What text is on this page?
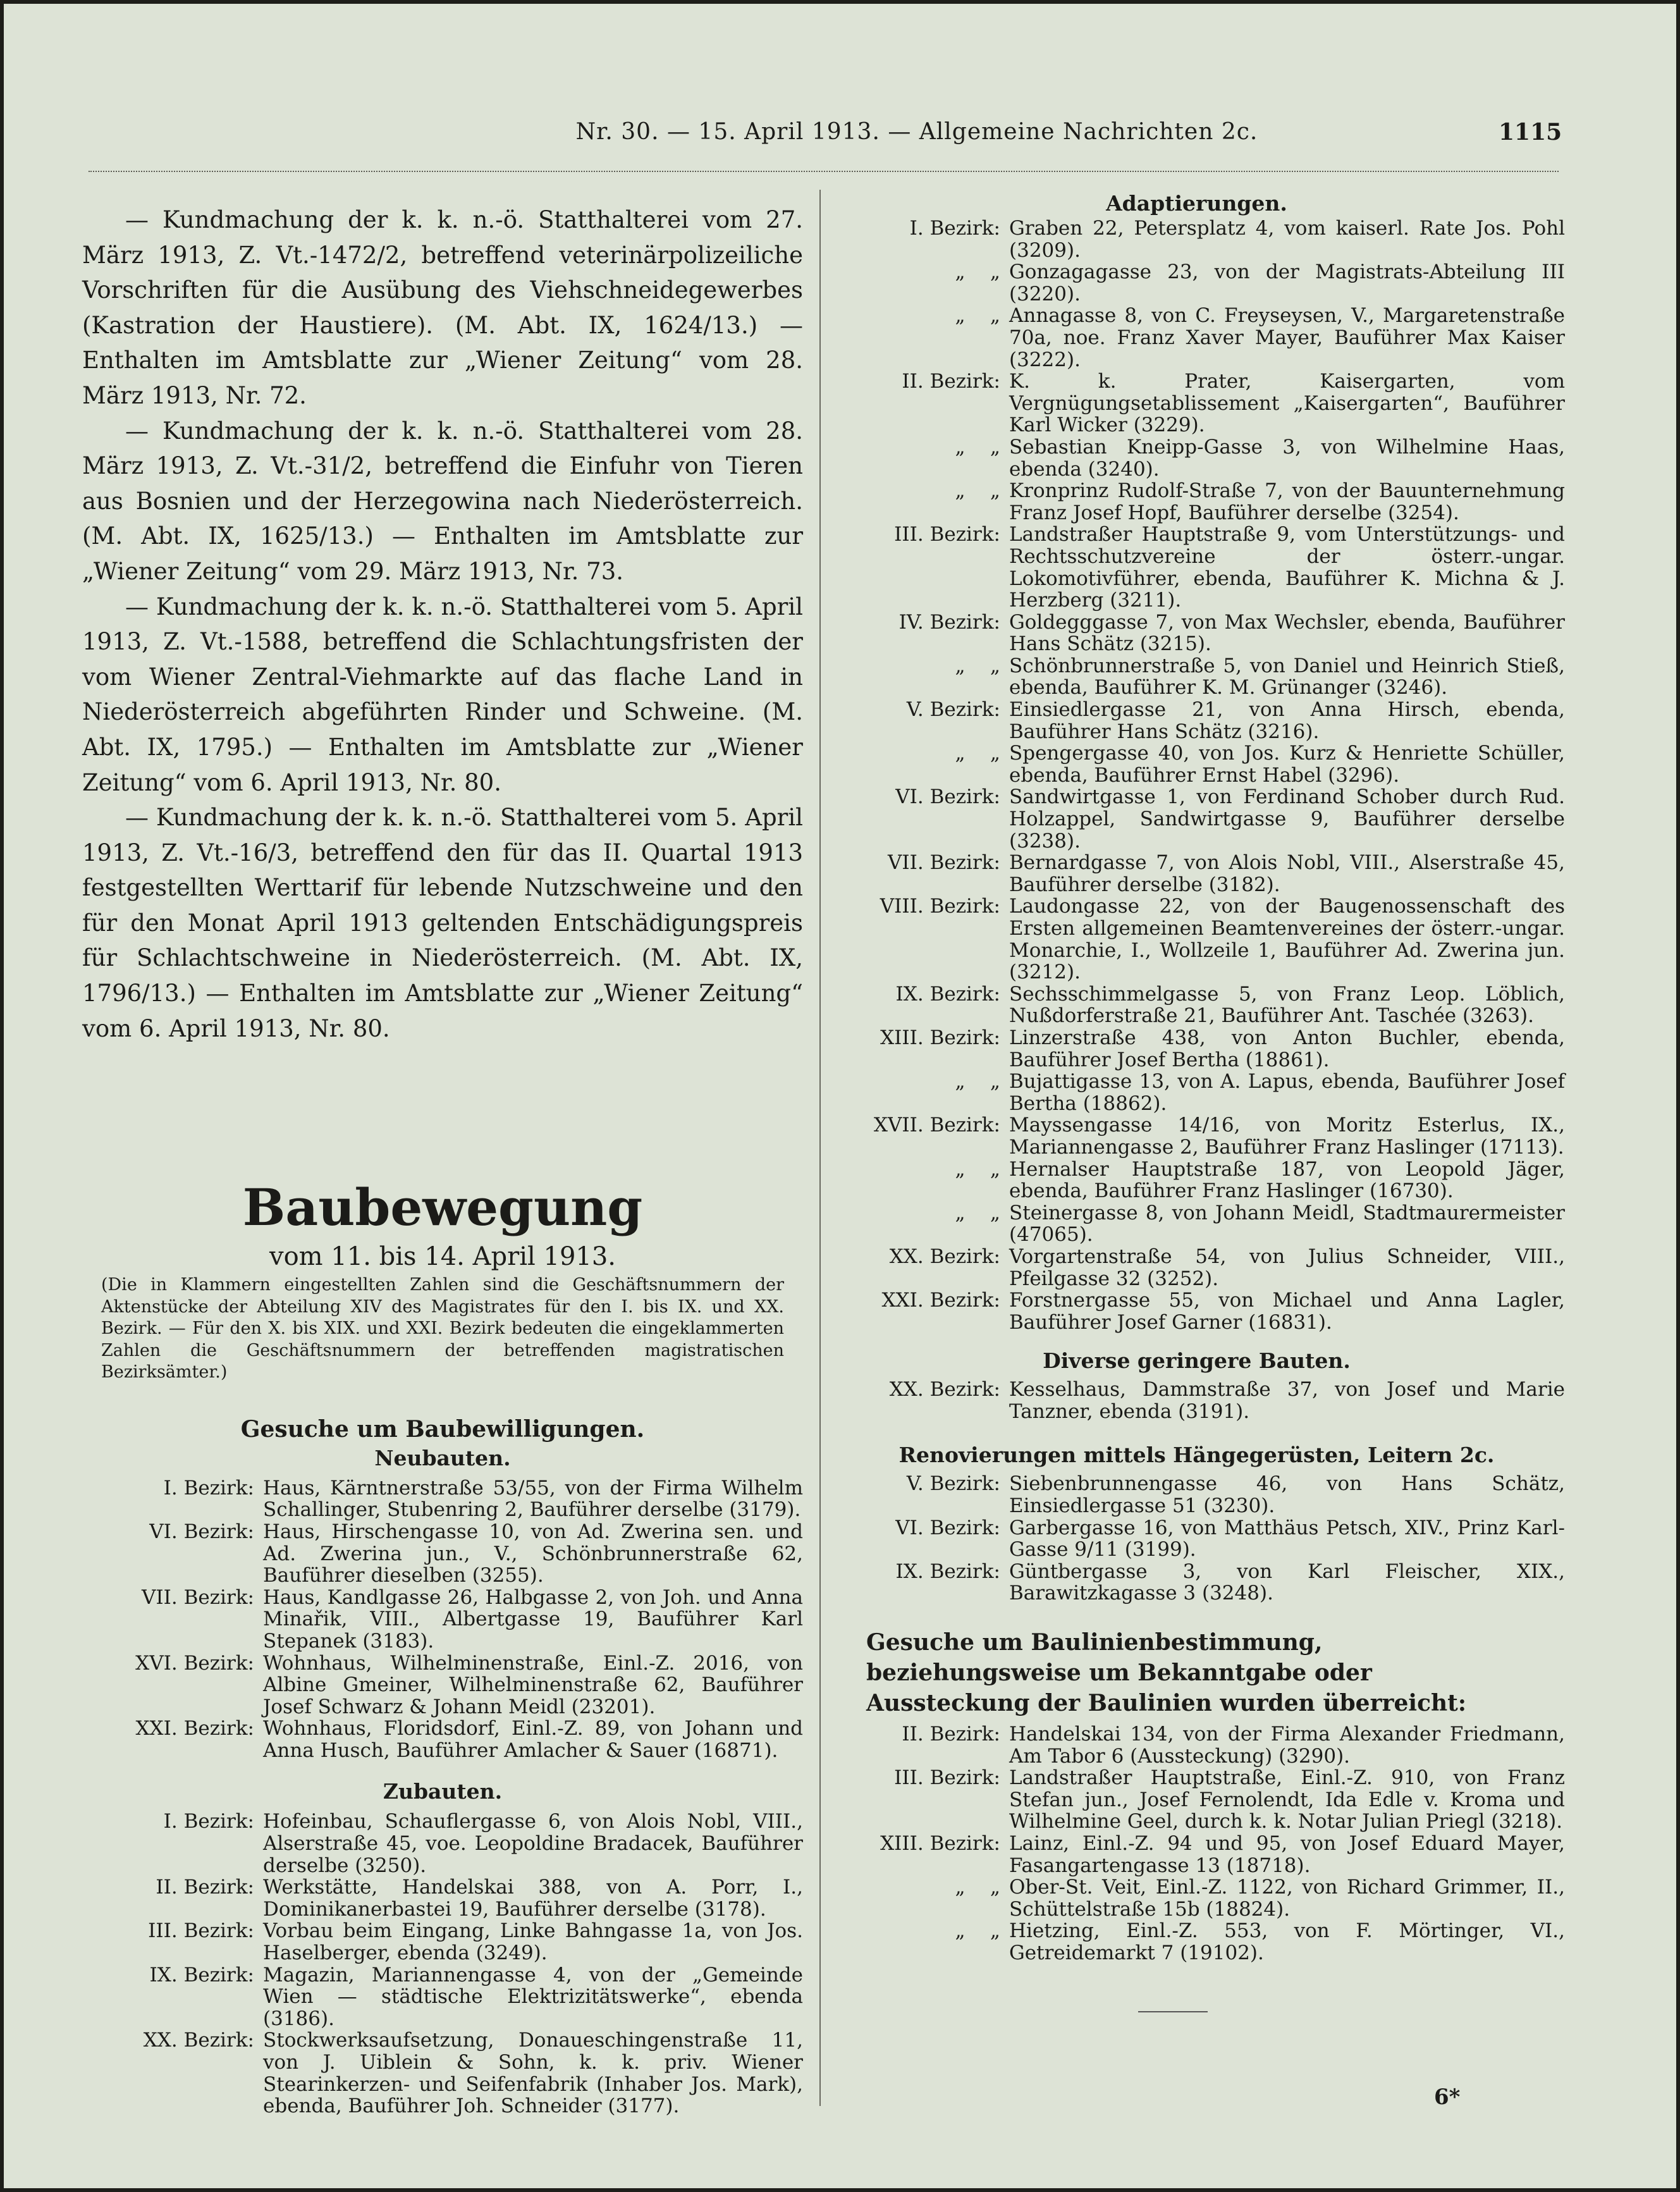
Nr. 30. — 15. April 1913. — Allgemeine Nachrichten 2c.	1115

— Kundmachung der k. k. n.-ö. Statthalterei vom 27. März 1913, Z. Vt.-1472/2, betreffend veterinärpolizeiliche Vorschriften für die Ausübung des Viehschneidegewerbes (Kastration der Haustiere). (M. Abt. IX, 1624/13.) — Enthalten im Amtsblatte zur „Wiener Zeitung“ vom 28. März 1913, Nr. 72.

— Kundmachung der k. k. n.-ö. Statthalterei vom 28. März 1913, Z. Vt.-31/2, betreffend die Einfuhr von Tieren aus Bosnien und der Herzegowina nach Niederösterreich. (M. Abt. IX, 1625/13.) — Enthalten im Amtsblatte zur „Wiener Zeitung“ vom 29. März 1913, Nr. 73.

— Kundmachung der k. k. n.-ö. Statthalterei vom 5. April 1913, Z. Vt.-1588, betreffend die Schlachtungsfristen der vom Wiener Zentral-Viehmarkte auf das flache Land in Niederösterreich abgeführten Rinder und Schweine. (M. Abt. IX, 1795.) — Enthalten im Amtsblatte zur „Wiener Zeitung“ vom 6. April 1913, Nr. 80.

— Kundmachung der k. k. n.-ö. Statthalterei vom 5. April 1913, Z. Vt.-16/3, betreffend den für das II. Quartal 1913 festgestellten Werttarif für lebende Nutzschweine und den für den Monat April 1913 geltenden Entschädigungspreis für Schlachtschweine in Niederösterreich. (M. Abt. IX, 1796/13.) — Enthalten im Amtsblatte zur „Wiener Zeitung“ vom 6. April 1913, Nr. 80.

Baubewegung

vom 11. bis 14. April 1913.

(Die in Klammern eingestellten Zahlen sind die Geschäftsnummern der Aktenstücke der Abteilung XIV des Magistrates für den I. bis IX. und XX. Bezirk. — Für den X. bis XIX. und XXI. Bezirk bedeuten die eingeklammerten Zahlen die Geschäftsnummern der betreffenden magistratischen Bezirksämter.)

Gesuche um Baubewilligungen.

Neubauten.

I. Bezirk: Haus, Kärntnerstraße 53/55, von der Firma Wilhelm Schallinger, Stubenring 2, Bauführer derselbe (3179).
VI. Bezirk: Haus, Hirschengasse 10, von Ad. Zwerina sen. und Ad. Zwerina jun., V., Schönbrunnerstraße 62, Bauführer dieselben (3255).
VII. Bezirk: Haus, Kandlgasse 26, Halbgasse 2, von Joh. und Anna Minařik, VIII., Albertgasse 19, Bauführer Karl Stepanek (3183).
XVI. Bezirk: Wohnhaus, Wilhelminenstraße, Einl.-Z. 2016, von Albine Gmeiner, Wilhelminenstraße 62, Bauführer Josef Schwarz & Johann Meidl (23201).
XXI. Bezirk: Wohnhaus, Floridsdorf, Einl.-Z. 89, von Johann und Anna Husch, Bauführer Amlacher & Sauer (16871).

Zubauten.

I. Bezirk: Hofeinbau, Schauflergasse 6, von Alois Nobl, VIII., Alserstraße 45, voe. Leopoldine Bradacek, Bauführer derselbe (3250).
II. Bezirk: Werkstätte, Handelskai 388, von A. Porr, I., Dominikanerbastei 19, Bauführer derselbe (3178).
III. Bezirk: Vorbau beim Eingang, Linke Bahngasse 1a, von Jos. Haselberger, ebenda (3249).
IX. Bezirk: Magazin, Mariannengasse 4, von der „Gemeinde Wien — städtische Elektrizitätswerke“, ebenda (3186).
XX. Bezirk: Stockwerksaufsetzung, Donaueschingenstraße 11, von J. Uiblein & Sohn, k. k. priv. Wiener Stearinkerzen- und Seifenfabrik (Inhaber Jos. Mark), ebenda, Bauführer Joh. Schneider (3177).

Adaptierungen.

I. Bezirk: Graben 22, Petersplatz 4, vom kaiserl. Rate Jos. Pohl (3209).
„    „ Gonzagagasse 23, von der Magistrats-Abteilung III (3220).
„    „ Annagasse 8, von C. Freyseysen, V., Margaretenstraße 70a, noe. Franz Xaver Mayer, Bauführer Max Kaiser (3222).
II. Bezirk: K. k. Prater, Kaisergarten, vom Vergnügungsetablissement „Kaisergarten“, Bauführer Karl Wicker (3229).
„    „ Sebastian Kneipp-Gasse 3, von Wilhelmine Haas, ebenda (3240).
„    „ Kronprinz Rudolf-Straße 7, von der Bauunternehmung Franz Josef Hopf, Bauführer derselbe (3254).
III. Bezirk: Landstraßer Hauptstraße 9, vom Unterstützungs- und Rechtsschutzvereine der österr.-ungar. Lokomotivführer, ebenda, Bauführer K. Michna & J. Herzberg (3211).
IV. Bezirk: Goldegggasse 7, von Max Wechsler, ebenda, Bauführer Hans Schätz (3215).
„    „ Schönbrunnerstraße 5, von Daniel und Heinrich Stieß, ebenda, Bauführer K. M. Grünanger (3246).
V. Bezirk: Einsiedlergasse 21, von Anna Hirsch, ebenda, Bauführer Hans Schätz (3216).
„    „ Spengergasse 40, von Jos. Kurz & Henriette Schüller, ebenda, Bauführer Ernst Habel (3296).
VI. Bezirk: Sandwirtgasse 1, von Ferdinand Schober durch Rud. Holzappel, Sandwirtgasse 9, Bauführer derselbe (3238).
VII. Bezirk: Bernardgasse 7, von Alois Nobl, VIII., Alserstraße 45, Bauführer derselbe (3182).
VIII. Bezirk: Laudongasse 22, von der Baugenossenschaft des Ersten allgemeinen Beamtenvereines der österr.-ungar. Monarchie, I., Wollzeile 1, Bauführer Ad. Zwerina jun. (3212).
IX. Bezirk: Sechsschimmelgasse 5, von Franz Leop. Löblich, Nußdorferstraße 21, Bauführer Ant. Taschée (3263).
XIII. Bezirk: Linzerstraße 438, von Anton Buchler, ebenda, Bauführer Josef Bertha (18861).
„    „ Bujattigasse 13, von A. Lapus, ebenda, Bauführer Josef Bertha (18862).
XVII. Bezirk: Mayssengasse 14/16, von Moritz Esterlus, IX., Mariannengasse 2, Bauführer Franz Haslinger (17113).
„    „ Hernalser Hauptstraße 187, von Leopold Jäger, ebenda, Bauführer Franz Haslinger (16730).
„    „ Steinergasse 8, von Johann Meidl, Stadtmaurermeister (47065).
XX. Bezirk: Vorgartenstraße 54, von Julius Schneider, VIII., Pfeilgasse 32 (3252).
XXI. Bezirk: Forstnergasse 55, von Michael und Anna Lagler, Bauführer Josef Garner (16831).

Diverse geringere Bauten.

XX. Bezirk: Kesselhaus, Dammstraße 37, von Josef und Marie Tanzner, ebenda (3191).

Renovierungen mittels Hängegerüsten, Leitern 2c.

V. Bezirk: Siebenbrunnengasse 46, von Hans Schätz, Einsiedlergasse 51 (3230).
VI. Bezirk: Garbergasse 16, von Matthäus Petsch, XIV., Prinz Karl-Gasse 9/11 (3199).
IX. Bezirk: Güntbergasse 3, von Karl Fleischer, XIX., Barawitzkagasse 3 (3248).

Gesuche um Baulinienbestimmung, beziehungsweise um Bekanntgabe oder Aussteckung der Baulinien wurden überreicht:

II. Bezirk: Handelskai 134, von der Firma Alexander Friedmann, Am Tabor 6 (Aussteckung) (3290).
III. Bezirk: Landstraßer Hauptstraße, Einl.-Z. 910, von Franz Stefan jun., Josef Fernolendt, Ida Edle v. Kroma und Wilhelmine Geel, durch k. k. Notar Julian Priegl (3218).
XIII. Bezirk: Lainz, Einl.-Z. 94 und 95, von Josef Eduard Mayer, Fasangartengasse 13 (18718).
„    „ Ober-St. Veit, Einl.-Z. 1122, von Richard Grimmer, II., Schüttelstraße 15b (18824).
„    „ Hietzing, Einl.-Z. 553, von F. Mörtinger, VI., Getreidemarkt 7 (19102).
6*
